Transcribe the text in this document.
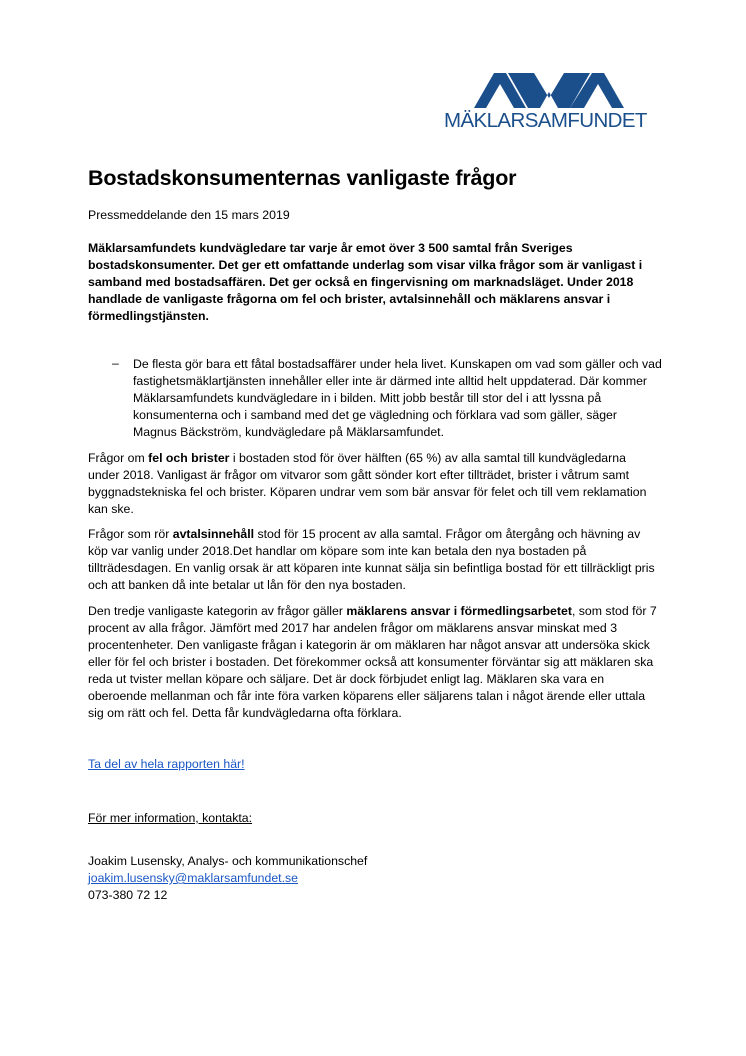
MÄKLARSAMFUNDET
Bostadskonsumenternas vanligaste frågor

Pressmeddelande den 15 mars 2019

Mäklarsamfundets kundvägledare tar varje år emot över 3 500 samtal från Sveriges bostadskonsumenter. Det ger ett omfattande underlag som visar vilka frågor som är vanligast i samband med bostadsaffären. Det ger också en fingervisning om marknadsläget. Under 2018 handlade de vanligaste frågorna om fel och brister, avtalsinnehåll och mäklarens ansvar i förmedlingstjänsten.

– De flesta gör bara ett fåtal bostadsaffärer under hela livet. Kunskapen om vad som gäller och vad fastighetsmäklartjänsten innehåller eller inte är därmed inte alltid helt uppdaterad. Där kommer Mäklarsamfundets kundvägledare in i bilden. Mitt jobb består till stor del i att lyssna på konsumenterna och i samband med det ge vägledning och förklara vad som gäller, säger Magnus Bäckström, kundvägledare på Mäklarsamfundet.

Frågor om fel och brister i bostaden stod för över hälften (65 %) av alla samtal till kundvägledarna under 2018. Vanligast är frågor om vitvaror som gått sönder kort efter tillträdet, brister i våtrum samt byggnadstekniska fel och brister. Köparen undrar vem som bär ansvar för felet och till vem reklamation kan ske.

Frågor som rör avtalsinnehåll stod för 15 procent av alla samtal. Frågor om återgång och hävning av köp var vanlig under 2018.Det handlar om köpare som inte kan betala den nya bostaden på tillträdesdagen. En vanlig orsak är att köparen inte kunnat sälja sin befintliga bostad för ett tillräckligt pris och att banken då inte betalar ut lån för den nya bostaden.

Den tredje vanligaste kategorin av frågor gäller mäklarens ansvar i förmedlingsarbetet, som stod för 7 procent av alla frågor. Jämfört med 2017 har andelen frågor om mäklarens ansvar minskat med 3 procentenheter. Den vanligaste frågan i kategorin är om mäklaren har något ansvar att undersöka skick eller för fel och brister i bostaden. Det förekommer också att konsumenter förväntar sig att mäklaren ska reda ut tvister mellan köpare och säljare. Det är dock förbjudet enligt lag. Mäklaren ska vara en oberoende mellanman och får inte föra varken köparens eller säljarens talan i något ärende eller uttala sig om rätt och fel. Detta får kundvägledarna ofta förklara.

Ta del av hela rapporten här!

För mer information, kontakta:

Joakim Lusensky, Analys- och kommunikationschef

joakim.lusensky@maklarsamfundet.se

073-380 72 12
